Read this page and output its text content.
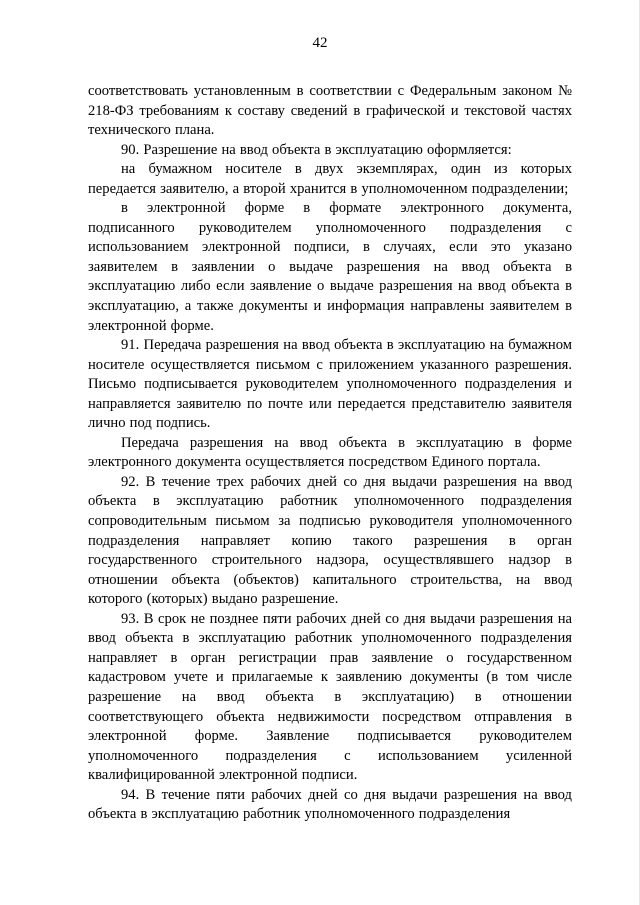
42

соответствовать установленным в соответствии с Федеральным законом № 218-ФЗ требованиям к составу сведений в графической и текстовой частях технического плана.

90. Разрешение на ввод объекта в эксплуатацию оформляется:

на бумажном носителе в двух экземплярах, один из которых передается заявителю, а второй хранится в уполномоченном подразделении;

в электронной форме в формате электронного документа, подписанного руководителем уполномоченного подразделения с использованием электронной подписи, в случаях, если это указано заявителем в заявлении о выдаче разрешения на ввод объекта в эксплуатацию либо если заявление о выдаче разрешения на ввод объекта в эксплуатацию, а также документы и информация направлены заявителем в электронной форме.

91. Передача разрешения на ввод объекта в эксплуатацию на бумажном носителе осуществляется письмом с приложением указанного разрешения. Письмо подписывается руководителем уполномоченного подразделения и направляется заявителю по почте или передается представителю заявителя лично под подпись.

Передача разрешения на ввод объекта в эксплуатацию в форме электронного документа осуществляется посредством Единого портала.

92. В течение трех рабочих дней со дня выдачи разрешения на ввод объекта в эксплуатацию работник уполномоченного подразделения сопроводительным письмом за подписью руководителя уполномоченного подразделения направляет копию такого разрешения в орган государственного строительного надзора, осуществлявшего надзор в отношении объекта (объектов) капитального строительства, на ввод которого (которых) выдано разрешение.

93. В срок не позднее пяти рабочих дней со дня выдачи разрешения на ввод объекта в эксплуатацию работник уполномоченного подразделения направляет в орган регистрации прав заявление о государственном кадастровом учете и прилагаемые к заявлению документы (в том числе разрешение на ввод объекта в эксплуатацию) в отношении соответствующего объекта недвижимости посредством отправления в электронной форме. Заявление подписывается руководителем уполномоченного подразделения с использованием усиленной квалифицированной электронной подписи.

94. В течение пяти рабочих дней со дня выдачи разрешения на ввод объекта в эксплуатацию работник уполномоченного подразделения
